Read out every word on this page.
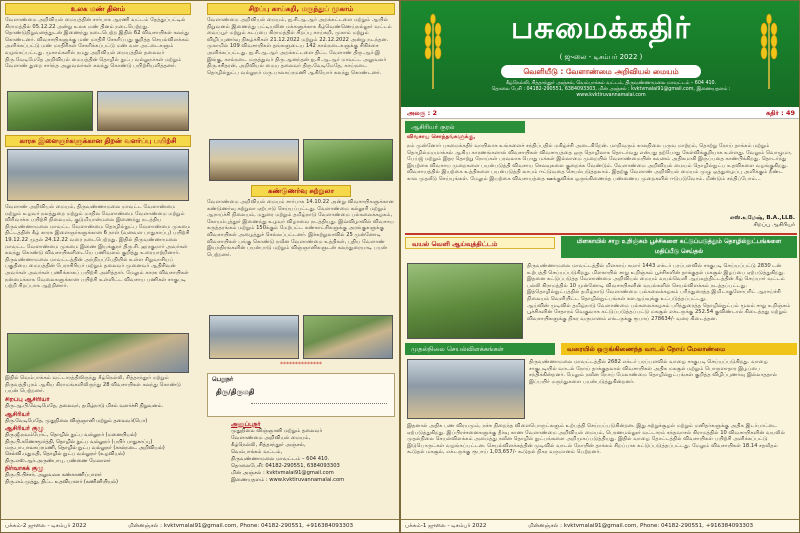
உலக மண் தினம்
வேளாண்மை அறிவியல் மையத்தின் சார்பாக ஆரணி வட்டம் தேத்துப்பட்டில் கிராமத்தில் 05.12.22 அன்று உலக மண் தினம் நடைபெற்றது. தொண்டுநிறுவனத்துடன் இணைந்து நடைபெற்ற இதில் 62 விவசாயிகள் கலந்து கொண்டனர். விவசாயிகளுக்கு மண் மாதிரி சேகரிப்பது குறித்த செயல்விளக்கம் அளிக்கப்பட்டு மண் மாதிரிகள் சேகரிக்கப்பட்டு மண் வள அட்டைகளும் வழங்கப்பட்டது. முகாம்களில் நமது அறிவியல் மையத்தில் தலைவர் திரு.வேடிமேதே அறிவியல் மையத்தின் தொழில் நுட்ப வல்லுநர்கள் மற்றும் வேளாண் துறை சார்ந்த அலுவலர்கள் கலந்து கொண்டு பயிற்சியளித்தனர்.
காரசு இளைஞர்களுக்கான திறன் வளர்ப்பு பயிற்சி
வேளாண் அறிவியல் மையம், திருவண்ணாமலை மாவட்ட வேளாண்மை மற்றும் உழவர் நலத்துறை மற்றும் மாநில வேளாண்மை வேளாண்மை மற்றும் விரிவாக்க பயிற்சி நிலையம், குடுமியான்மலை இணைந்து நடத்திய திருவண்ணாமலை மாவட்ட வேளாண்மை தொழில்நுட்ப வேளாண்மை முகமை திட்டத்தின் கீழ் காரசு இளைஞர்களுக்கான 6 நாள் (வனவள பாதுகாப்பு) பயிற்சி 19.12.22 முதல் 24.12.22 வரை நடைபெற்றது. இதில் திருவண்ணாமலை மாவட்ட வேளாண்மை முகமை இணை இயக்குநர் திரு.சி. ஹரகுமார் அவர்கள் கலந்து கொண்டு விவசாயிகளிடையே பணிவளம் குறித்து உரையாற்றினார். திருவண்ணாமலை மாவட்டத்தின் அந்நியப்பேதியில் உள்ள சிறுவாசியப் பகுதியை மையத்தின் பேராசிரியர் மற்றும் தலைவர் முனைவர் ஆதிசிவன் அவர்கள் அவர்கள் பணிக்காகப் பயிற்சி அளித்தார். மேலும் காரசு விவசாயிகள் நன்மைக்காக வேலைகளுக்கான பயிற்சி உள்ளிட்ட விவசாய பணிகள் சாகுபடி பற்றி சிறப்பாக ஆற்றினார்.
இதில் வெம்பாக்கம் வட்டாரத்திலிருந்து கீழ்நெல்லி, சித்தாந்தூர் மற்றும் திருவத்திபுரம் ஆகிய கிராமங்களிலிருந்து 28 விவசாயிகள் கலந்து கொண்டு பயன் பெற்றனர்.
சிறப்பு ஆசிரியர்
திரு.ஆ.பி.வேடிமேதே, தலைவர், தமிழ்நாடு மிசம் வளர்ச்சி நிறுவனம்.
ஆசிரியர்
திரு.வேடிமேதே, முதுநிலை விஞ்ஞானி மற்றும் தலைவர்(பொ)
ஆசிரியர் குழு
திரு.ஜீ.நவம்பேர்ட், தொழில் நுட்ப வல்லுநர் (மனையியல்)
திரு.பி.கணேசமூர்த்தி, தொழில் நுட்ப வல்லுநர் (பயிர் பாதுகாப்பு)
மரு.பா.பாலசுப்ரமணி, தொழில் நுட்ப வல்லுநர் (கால்நடை அறிவியல்)
செல்வி.மதுமதி, தொழில் நுட்ப வல்லுநர் (உழவியல்)
திரு.எஸ்.ஆர்.அருண்பாபு, பண்ணை மேலாளர்
நிர்வாகக் குழு
திரு.பி.பிச்சர், அலுவலக கண்காணிப்பாளர்
திரு.எம்.முத்து, திட்ட உதவியாளர் (கணினியியல்)
சிறப்பு காய்கறி, மருந்துப் முகாம்
வேளாண்மை அறிவியல் மையம், ஐ.சி.ஆ.ஆர் அறக்கட்டளை மற்றும் ஆயில் நிறுவனம் இணைந்து பட்டியலின மக்களுக்காக கீழ்வெண்ணெய்நல்லூர் வட்டம் வைப்பூர் மற்றும் கடப்பை கிராமத்தில் சிறப்பு காய்கறி, முகாம் மற்றும் விழிப்புணர்வு நிகழ்ச்சிகள் 21.12.2022 மற்றும் 22.12.2022 அன்று நடந்தன. முகாமில் 109 விவசாயிகள் தங்களுடைய 142 கால்நடைகளுக்கு சிகிச்சை அளிக்கப்பட்டது. ஐ.சி.ஆ.ஆர் அறக்கட்டளை திட்ட வேளாண் திரு.ஆர்.இ இங்கு, கால்நடை மருத்துவர் திரு.ஆனந்தன் ஐ.சி.ஆ.ஆர் மாவட்ட அலுவலர் திரு.சசிதரன், அறிவியல் மைய தலைவர் திரு.வேடிமேதே, காய்நடை தொழில்நுட்ப வல்லுநர் மரு.பாலசுப்ரமணி ஆகியோர் கலந்து கொண்டனர்.
கண்டுணர்வு சுற்றுலா
வேளாண்மை அறிவியல் மையம் சார்பாக 14.10.22 அன்று விவசாயிகளுக்கான கண்டுணர்வு சுற்றுலா ஏற்பாடு செய்யப்பட்டது. வேளாண்மை கல்லூரி மற்றும் ஆராய்ச்சி நிலையம், மதுரை மற்றும் தமிழ்நாடு வேளாண்மை பல்கலைக்கழகம், கோயம்புத்தூர் இணைந்து உழவர் விழாவை நடத்தியது. இவ்விழாவில் விவசாய கருத்தரங்கம் மற்றும் 150க்கும் மேற்பட்ட கண்காட்சிகளுக்கு அரங்குகளுக்கு விவசாயிகள் அழைத்துச் செல்லப்பட்டனர். இச்சுற்றுலாவில் 25 முன்னோடி விவசாயிகள் பங்கு கொண்டு நவீன வேளாண்மை உத்திகள், புதிய வேளாண் இயந்திரங்களின் பயன்பாடு மற்றும் விஞ்ஞானிகளுடன் கலந்துரையாடி பயன் பெற்றனர்.
**************
பெறுநர்
திரு/திருமதி
அனுப்புநர்
முதுநிலை விஞ்ஞானி மற்றும் தலைவர்
வேளாண்மை அறிவியல் மையம்,
கீழ்நெல்லி, சித்தாந்தூர் அஞ்சல்,
வெம்பாக்கம் வட்டம்,
திருவண்ணாமலை மாவட்டம் – 604 410.
தொலைபேசி: 04182-290551, 6384093303
மின் அஞ்சல் : kvktvmalai91@gmail.com
இணையதளம் : www.kvktiruvannamalai.com
பக்கம்-2 ஜுலை - டிசம்பர் 2022	மின்னஞ்சல் : kvktvmalai91@gmail.com, Phone: 04182-290551, +916384093303
பசுமைக்கதிர்
( ஜுலை - டிசம்பர் 2022 )
வெளியீடு : வேளாண்மை அறிவியல் மையம்
கீழ்நெல்லி, சித்தாந்தூர் அஞ்சல், வெம்பாக்கம் வட்டம், திருவண்ணாமலை மாவட்டம் – 604 410.
தொலை பேசி : 04182-290551, 6384093303, மின் அஞ்சல் : kvktvmalai91@gmail.com, இணையதளம் : www.kvktiruvannamalai.com
அலகு : 2	கதிர் : 49
ஆசிரியர் குரல்
விவசாய சொந்தங்களுக்கு,
நம் முன்னோர் பசுமைக்கதிர் வாயிலாக உங்களைச் சந்திப்பதில் மகிழ்ச்சி அடைகிறேன். மாறிவரும் காலநிலை பருவ மாற்றம், தொற்று நோய் தாக்கம் மற்றும் தொழில்மயமாக்கல் ஆகிய காரணங்களால் விவசாயிகள் விவசாயத்தை ஒரு தொழிலாக தொடர்வது என்பது தற்போது கேள்விக்குறியாக உள்ளது. வேலும் வொழுமா, பேய்ஜ் மற்றும் இதர தொற்று நோய்கள் பரவலாக பொது மக்கள் இல்லாமை முறையில் வேளாண்மையின் கவனம் அதிகமாகி இருப்பதை காண்பிக்கிறது. தொடர்ந்து இயற்கை விவசாய முறைகளை பயன்படுத்தி விவசாய செலவுகளை குறைக்க வேண்டும். வேளாண்மை அறிவியல் மையம் தொழில்நுட்ப உதவிகளை வழங்குகிறது. விவசாயத்தில் இயற்கை உத்திகளை பயன்படுத்தி லாபம் ஈட்டுவதை செயல்படுத்தலாம். இதற்கு வேளாண் அறிவியல் மையம் முழு ஒத்துழைப்பு அளிக்கும் நீண்ட கால முதலீடு செய்யுங்கள். மேலும் இயற்கை விவசாயத்தை ஊக்குவிக்க ஒருங்கிணைந்த பண்ணைய முறைகளில் ஈடுபடுவோம். மீண்டும் சந்திப்போம்...
எஸ்.உமேஷ், B.A.,LLB.
சிறப்பு ஆசிரியர்
வயல் வெளி ஆய்வுத்திட்டம்	மிளகாயில் சாறு உறிஞ்சும் பூச்சிகளை கட்டுப்படுத்தும் தொழில்நுட்பங்களை மதிப்பீடு செய்தல்
திருவண்ணாமலை மாவட்டத்தில் மிளகாய் சுமார் 1443 எக்டர் பரப்பளவில் சாகுபடி செய்யப்பட்டு 2830 டன் உற்பத்தி செய்யப்படுகிறது. மிளகாயில் சாறு உறிஞ்சும் பூச்சிகளின் தாக்குதல் மகசூல் இழப்பை ஏற்படுத்துகிறது. இதனை கட்டுப்படுத்த வேளாண்மை அறிவியல் மையம் வயல்வெளி ஆய்வுத்திட்டத்தின் கீழ் செய்யார் வட்டம் பல்லி கிராமத்தில் 10 முன்னோடி விவசாயிகளின் வயல்களில் செயல்விளக்கம் நடத்தப்பட்டது. இத்தொழில்நுட்பத்தில் தமிழ்நாடு வேளாண்மை பல்கலைக்கழகம் பரிந்துரைத்த இமிடாகுளோப்ரிட் ஆராய்ச்சி நிலையம் வெளியிட்ட தொழில்நுட்பங்கள் களஆய்வுக்கு உட்படுத்தப்பட்டது.
ஆய்வின் முடிவில் தமிழ்நாடு வேளாண்மை பல்கலைக்கழகம் பரிந்துரைத்த தொழில்நுட்பம் மூலம் சாறு உறிஞ்சும் பூச்சிகளின் சேதாரம் வெகுவாக கட்டுப்படுத்தப்பட்டு மகசூல் எக்டருக்கு 252.54 குவிண்டால் கிடைத்தது மற்றும் விவசாயிகளுக்கு நிகர வருமானம் எக்டருக்கு ரூபாய் 278634/- வரை கிடைத்தன.
முதல்நிலை செயல்விளக்கங்கள்	வரையில் ஒருங்கிணைந்த வாடல் நோய் மேலாண்மை
திருவண்ணாமலை மாவட்டத்தில் 2682 எக்டர் பரப்பளவில் வாழை சாகுபடி செய்யப்படுகிறது. வாழை சாகுபடியில் வாடல் நோய் தாக்குதலால் விவசாயிகள் அதிக மகசூல் மற்றும் பொருளாதார இழப்பை சந்திக்கின்றனர். மேலும் நவீன நோய் மேலாண்மை தொழில்நுட்பங்கள் குறித்த விழிப்புணர்வு இல்லாததால் இப்பயிர் மருந்துகளை பயன்படுத்துகின்றனர்.
இதனால் அதிக பண விரயமும், நச்சு நிறைந்த விளைபொருட்களும் உற்பத்தி செய்யப்படுகின்றன. இது சுற்றுச்சூழல் மற்றும் மனிதர்களுக்கு அதிக இடர்பாட்டை ஏற்படுத்துகிறது. இப்பிரச்சனைகளுக்கு தீர்வு காண வேளாண்மை அறிவியல் மையம், பெரணமல்லூர் வட்டாரம் சந்தவாசல் கிராமத்தில் 10 விவசாயிகளின் வயலில் முதல்நிலை செயல்விளக்கம் அமைத்து நவீன தொழில் நுட்பங்களை அறிமுகப்படுத்தியது. இதில் வாழை தோட்டத்தில் விவசாயிகள் பயிற்சி அளிக்கப்பட்டு இடுபொருட்கள் வழங்கப்பட்டன. செயல்விளக்கத்தின் முடிவில் வாடல் நோயின் தாக்கம் சிறப்பாக கட்டுப்படுத்தப்பட்டது. மேலும் விவசாயிகள் 18.14 சதவீதம் கூடுதல் மகசூல், எக்டருக்கு ரூபாய் 1,03,657/- கூடுதல் நிகர வருமானம் பெற்றனர்.
பக்கம்-1 ஜுலை - டிசம்பர் 2022	மின்னஞ்சல் : kvktvmalai91@gmail.com, Phone: 04182-290551, +916384093303
